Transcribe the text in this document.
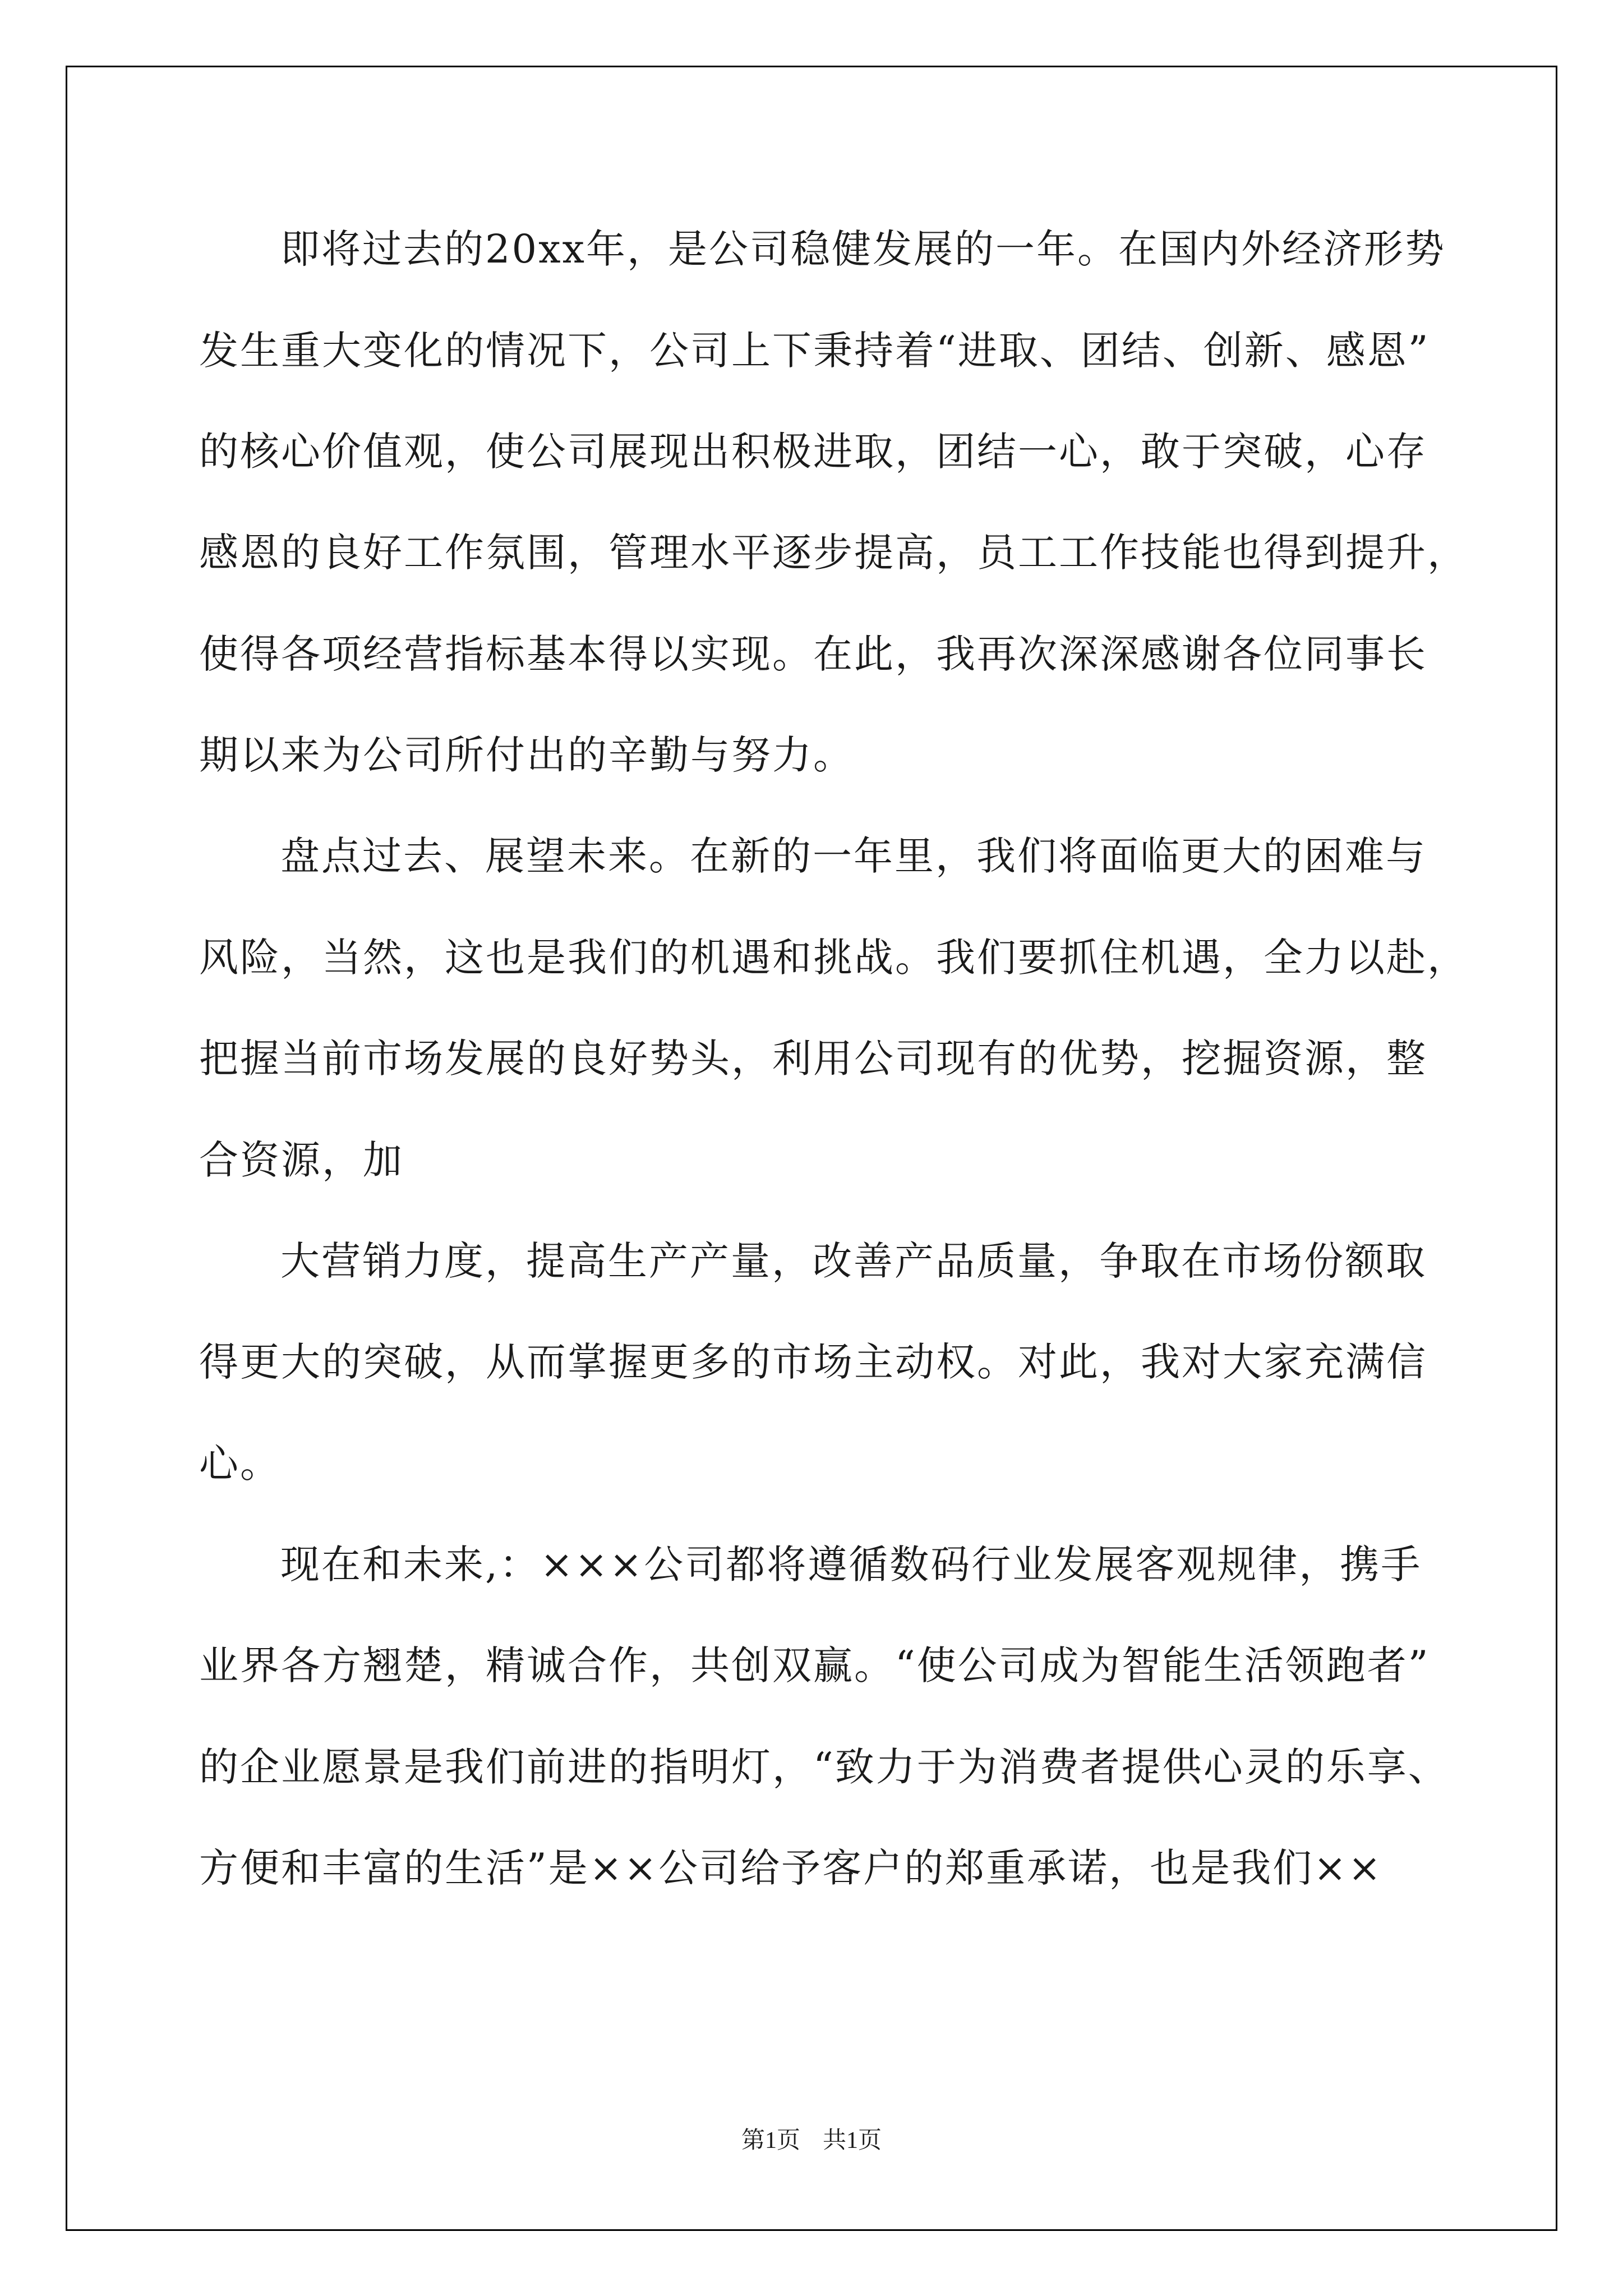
即将过去的20xx年，是公司稳健发展的一年。在国内外经济形势
发生重大变化的情况下，公司上下秉持着“进取、团结、创新、感恩”
的核心价值观，使公司展现出积极进取，团结一心，敢于突破，心存
感恩的良好工作氛围，管理水平逐步提高，员工工作技能也得到提升，
使得各项经营指标基本得以实现。在此，我再次深深感谢各位同事长
期以来为公司所付出的辛勤与努力。
盘点过去、展望未来。在新的一年里，我们将面临更大的困难与
风险，当然，这也是我们的机遇和挑战。我们要抓住机遇，全力以赴，
把握当前市场发展的良好势头，利用公司现有的优势，挖掘资源，整
合资源，加
大营销力度，提高生产产量，改善产品质量，争取在市场份额取
得更大的突破，从而掌握更多的市场主动权。对此，我对大家充满信
心。
现在和未来,：×××公司都将遵循数码行业发展客观规律，携手
业界各方翘楚，精诚合作，共创双赢。“使公司成为智能生活领跑者”
的企业愿景是我们前进的指明灯，“致力于为消费者提供心灵的乐享、
方便和丰富的生活”是××公司给予客户的郑重承诺，也是我们××
第1页 共1页
